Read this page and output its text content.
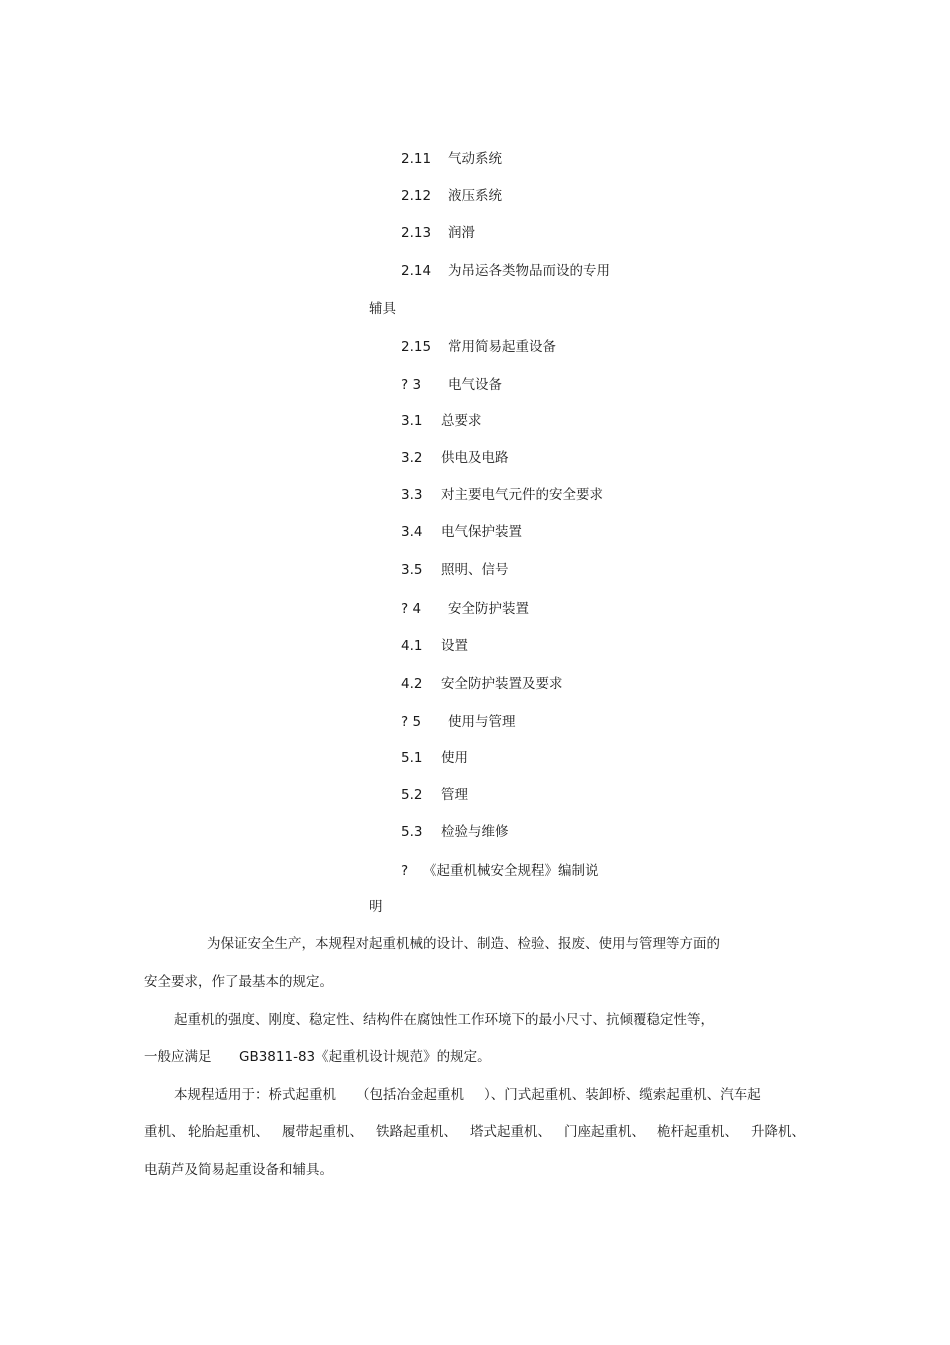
2.11 气动系统
2.12 液压系统
2.13 润滑
2.14 为吊运各类物品而设的专用
辅具
2.15 常用简易起重设备
? 3 电气设备
3.1 总要求
3.2 供电及电路
3.3 对主要电气元件的安全要求
3.4 电气保护装置
3.5 照明、信号
? 4 安全防护装置
4.1 设置
4.2 安全防护装置及要求
? 5 使用与管理
5.1 使用
5.2 管理
5.3 检验与维修
? 《起重机械安全规程》编制说
明
为保证安全生产，本规程对起重机械的设计、制造、检验、报废、使用与管理等方面的
安全要求，作了最基本的规定。
起重机的强度、刚度、稳定性、结构件在腐蚀性工作环境下的最小尺寸、抗倾覆稳定性等，
一般应满足 GB3811-83《起重机设计规范》的规定。
本规程适用于：桥式起重机 （包括冶金起重机 ）、门式起重机、装卸桥、缆索起重机、汽车起
重机、 轮胎起重机、 履带起重机、 铁路起重机、 塔式起重机、 门座起重机、 桅杆起重机、 升降机、
电葫芦及简易起重设备和辅具。
